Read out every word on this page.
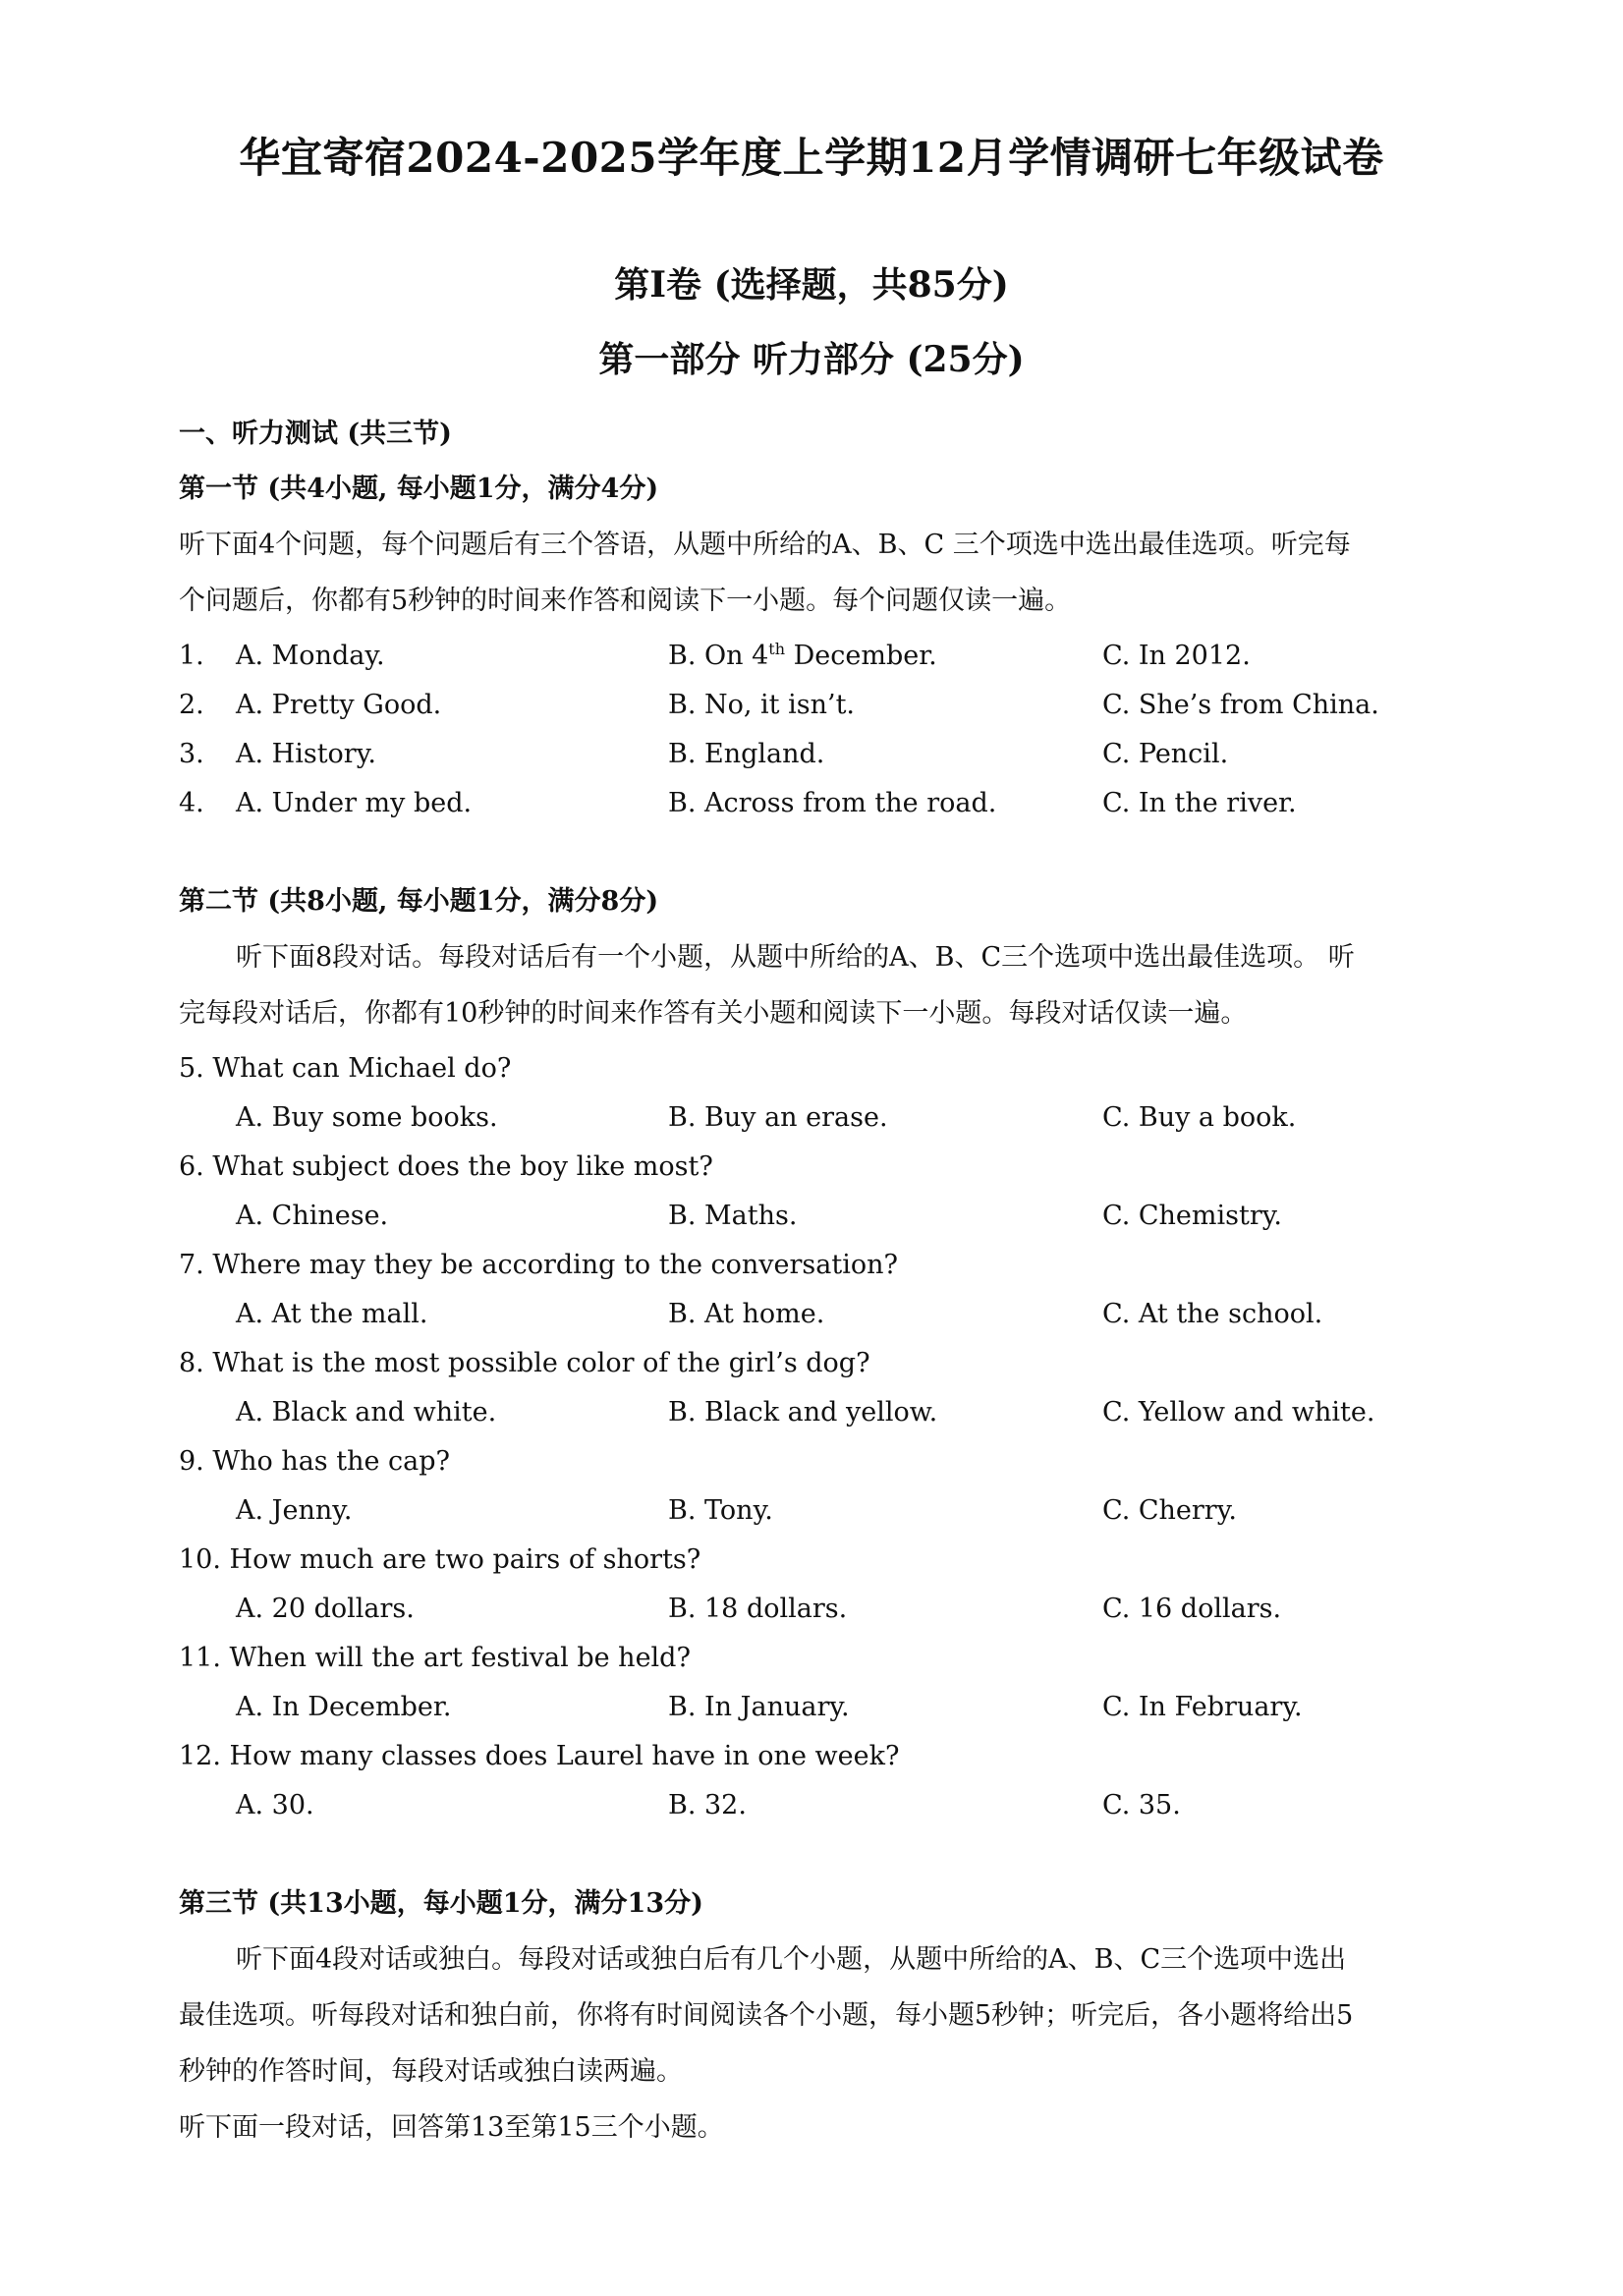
华宜寄宿2024-2025学年度上学期12月学情调研七年级试卷
第Ⅰ卷 (选择题，共85分)
第一部分 听力部分 (25分)
一、听力测试 (共三节)
第一节 (共4小题, 每小题1分，满分4分)
听下面4个问题，每个问题后有三个答语，从题中所给的A、B、C 三个项选中选出最佳选项。听完每
个问题后，你都有5秒钟的时间来作答和阅读下一小题。每个问题仅读一遍。
1. A. Monday.	B. On 4th December.	C. In 2012.
2. A. Pretty Good.	B. No, it isn’t.	C. She’s from China.
3. A. History.	B. England.	C. Pencil.
4. A. Under my bed.	B. Across from the road.	C. In the river.
第二节 (共8小题, 每小题1分，满分8分)
听下面8段对话。每段对话后有一个小题，从题中所给的A、B、C三个选项中选出最佳选项。 听
完每段对话后，你都有10秒钟的时间来作答有关小题和阅读下一小题。每段对话仅读一遍。
5. What can Michael do?
A. Buy some books.	B. Buy an erase.	C. Buy a book.
6. What subject does the boy like most?
A. Chinese.	B. Maths.	C. Chemistry.
7. Where may they be according to the conversation?
A. At the mall.	B. At home.	C. At the school.
8. What is the most possible color of the girl’s dog?
A. Black and white.	B. Black and yellow.	C. Yellow and white.
9. Who has the cap?
A. Jenny.	B. Tony.	C. Cherry.
10. How much are two pairs of shorts?
A. 20 dollars.	B. 18 dollars.	C. 16 dollars.
11. When will the art festival be held?
A. In December.	B. In January.	C. In February.
12. How many classes does Laurel have in one week?
A. 30.	B. 32.	C. 35.
第三节 (共13小题，每小题1分，满分13分)
听下面4段对话或独白。每段对话或独白后有几个小题，从题中所给的A、B、C三个选项中选出
最佳选项。听每段对话和独白前，你将有时间阅读各个小题，每小题5秒钟；听完后，各小题将给出5
秒钟的作答时间，每段对话或独白读两遍。
听下面一段对话，回答第13至第15三个小题。
